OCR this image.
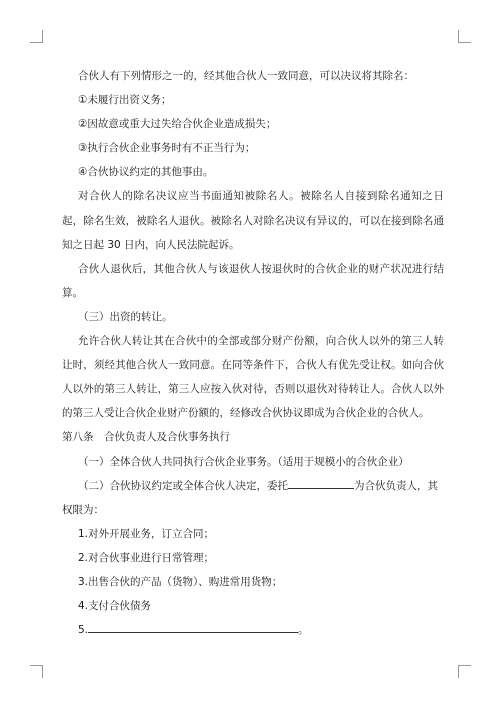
合伙人有下列情形之一的，经其他合伙人一致同意，可以决议将其除名：

①未履行出资义务；

②因故意或重大过失给合伙企业造成损失；

③执行合伙企业事务时有不正当行为；

④合伙协议约定的其他事由。

对合伙人的除名决议应当书面通知被除名人。被除名人自接到除名通知之日起，除名生效，被除名人退伙。被除名人对除名决议有异议的，可以在接到除名通知之日起 30 日内，向人民法院起诉。

合伙人退伙后，其他合伙人与该退伙人按退伙时的合伙企业的财产状况进行结算。

（三）出资的转让。

允许合伙人转让其在合伙中的全部或部分财产份额，向合伙人以外的第三人转让时，须经其他合伙人一致同意。在同等条件下，合伙人有优先受让权。如向合伙人以外的第三人转让，第三人应按入伙对待，否则以退伙对待转让人。合伙人以外的第三人受让合伙企业财产份额的，经修改合伙协议即成为合伙企业的合伙人。

第八条　合伙负责人及合伙事务执行

（一）全体合伙人共同执行合伙企业事务。（适用于规模小的合伙企业）

（二）合伙协议约定或全体合伙人决定，委托	为合伙负责人，其

权限为：

1.对外开展业务，订立合同；

2.对合伙事业进行日常管理；

3.出售合伙的产品（货物）、购进常用货物；

4.支付合伙债务

5.	。
